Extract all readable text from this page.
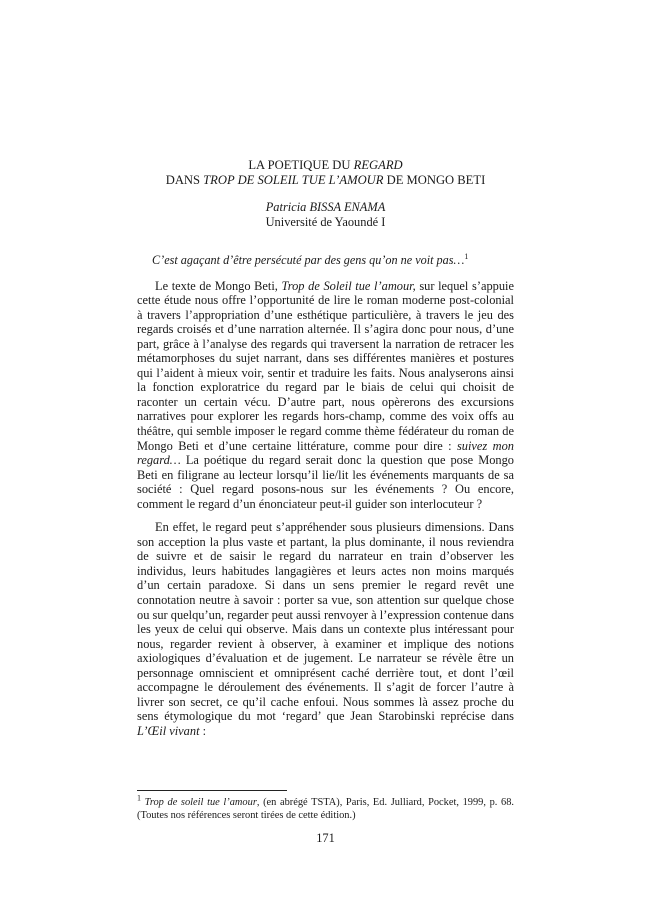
LA POETIQUE DU REGARD
DANS TROP DE SOLEIL TUE L’AMOUR DE MONGO BETI
Patricia BISSA ENAMA
Université de Yaoundé I
C’est agaçant d’être persécuté par des gens qu’on ne voit pas…$^1$

Le texte de Mongo Beti, Trop de Soleil tue l’amour, sur lequel s’appuie cette étude nous offre l’opportunité de lire le roman moderne post-colonial à travers l’appropriation d’une esthétique particulière, à travers le jeu des regards croisés et d’une narration alternée. Il s’agira donc pour nous, d’une part, grâce à l’analyse des regards qui traversent la narration de retracer les métamorphoses du sujet narrant, dans ses différentes manières et postures qui l’aident à mieux voir, sentir et traduire les faits. Nous analyserons ainsi la fonction exploratrice du regard par le biais de celui qui choisit de raconter un certain vécu. D’autre part, nous opèrerons des excursions narratives pour explorer les regards hors-champ, comme des voix offs au théâtre, qui semble imposer le regard comme thème fédérateur du roman de Mongo Beti et d’une certaine littérature, comme pour dire : suivez mon regard… La poétique du regard serait donc la question que pose Mongo Beti en filigrane au lecteur lorsqu’il lie/lit les événements marquants de sa société : Quel regard posons-nous sur les événements ? Ou encore, comment le regard d’un énonciateur peut-il guider son interlocuteur ?

En effet, le regard peut s’appréhender sous plusieurs dimensions. Dans son acception la plus vaste et partant, la plus dominante, il nous reviendra de suivre et de saisir le regard du narrateur en train d’observer les individus, leurs habitudes langagières et leurs actes non moins marqués d’un certain paradoxe. Si dans un sens premier le regard revêt une connotation neutre à savoir : porter sa vue, son attention sur quelque chose ou sur quelqu’un, regarder peut aussi renvoyer à l’expression contenue dans les yeux de celui qui observe. Mais dans un contexte plus intéressant pour nous, regarder revient à observer, à examiner et implique des notions axiologiques d’évaluation et de jugement. Le narrateur se révèle être un personnage omniscient et omniprésent caché derrière tout, et dont l’œil accompagne le déroulement des événements. Il s’agit de forcer l’autre à livrer son secret, ce qu’il cache enfoui. Nous sommes là assez proche du sens étymologique du mot ‘regard’ que Jean Starobinski reprécise dans L’Œil vivant :

$^1$ Trop de soleil tue l’amour, (en abrégé TSTA), Paris, Ed. Julliard, Pocket, 1999, p. 68. (Toutes nos références seront tirées de cette édition.)

171
